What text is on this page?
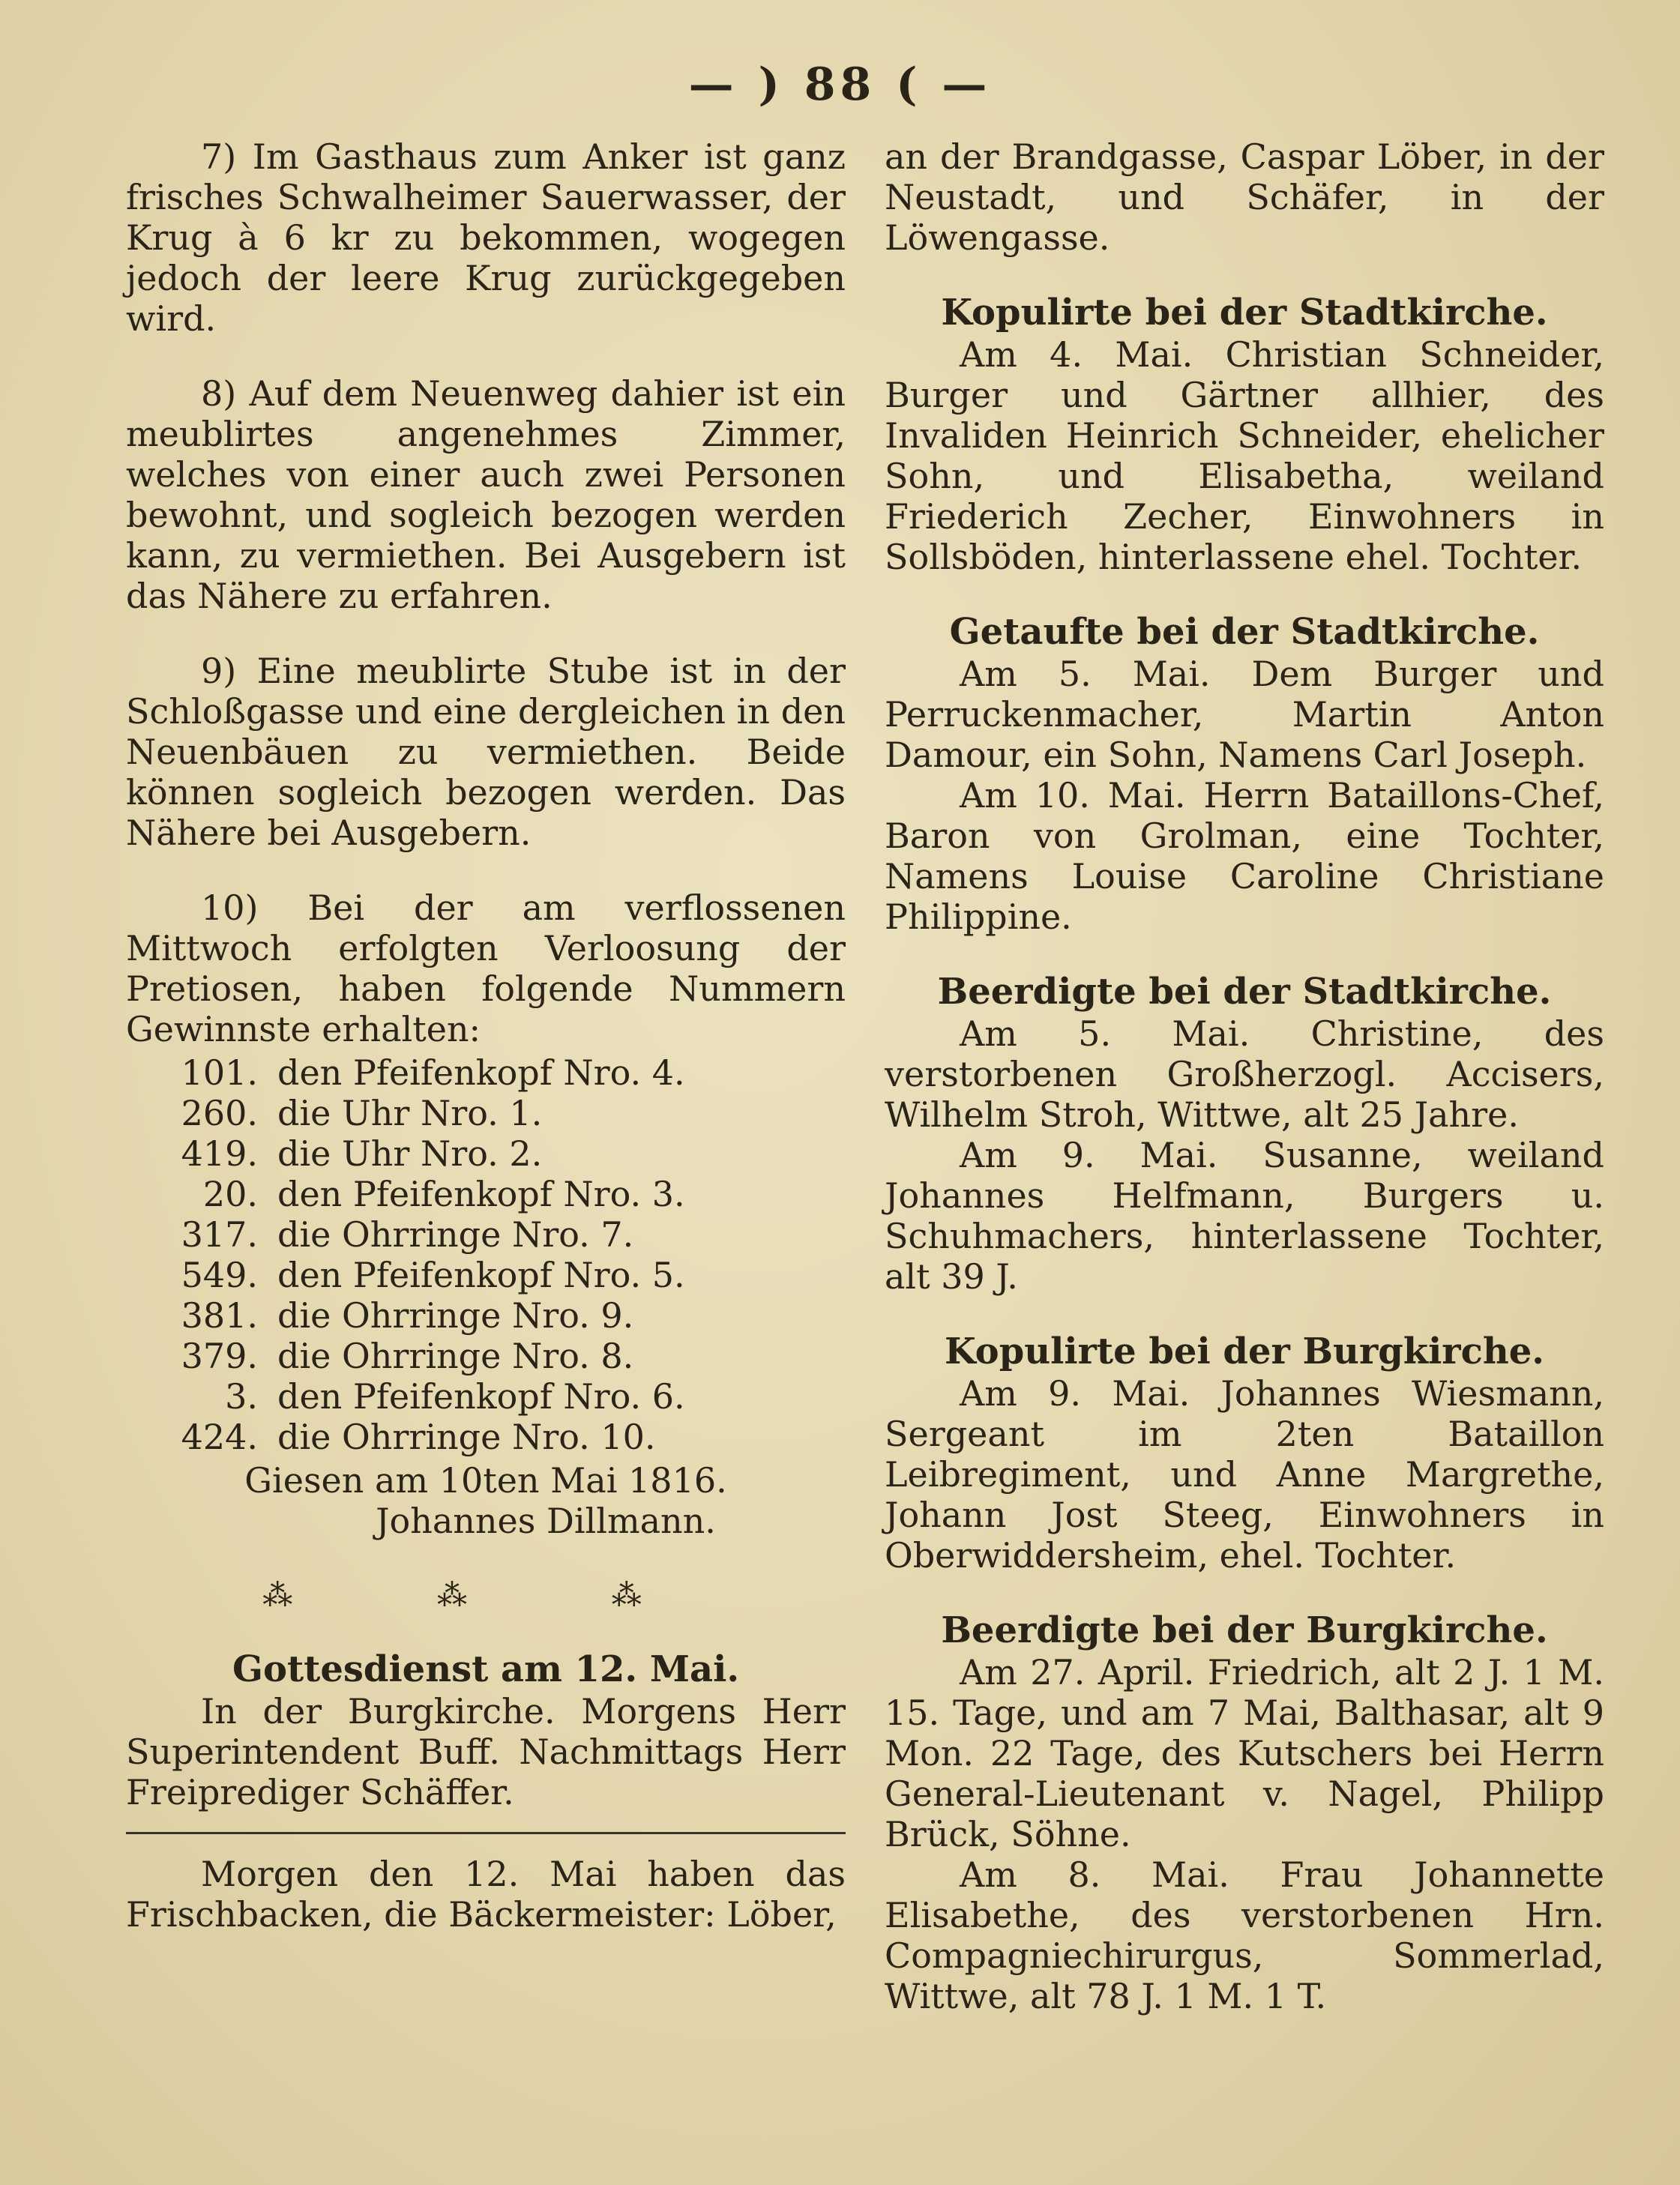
— ) 88 ( —
7) Im Gasthaus zum Anker ist ganz frisches Schwalheimer Sauerwasser, der Krug à 6 kr zu bekommen, wogegen jedoch der leere Krug zurückgegeben wird.
8) Auf dem Neuenweg dahier ist ein meublirtes angenehmes Zimmer, welches von einer auch zwei Personen bewohnt, und sogleich bezogen werden kann, zu vermiethen. Bei Ausgebern ist das Nähere zu erfahren.
9) Eine meublirte Stube ist in der Schloßgasse und eine dergleichen in den Neuenbäuen zu vermiethen. Beide können sogleich bezogen werden. Das Nähere bei Ausgebern.
10) Bei der am verflossenen Mittwoch erfolgten Verloosung der Pretiosen, haben folgende Nummern Gewinnste erhalten:
101. den Pfeifenkopf Nro. 4.
260. die Uhr Nro. 1.
419. die Uhr Nro. 2.
20. den Pfeifenkopf Nro. 3.
317. die Ohrringe Nro. 7.
549. den Pfeifenkopf Nro. 5.
381. die Ohrringe Nro. 9.
379. die Ohrringe Nro. 8.
3. den Pfeifenkopf Nro. 6.
424. die Ohrringe Nro. 10.
Giesen am 10ten Mai 1816.
Johannes Dillmann.
⁂ ⁂ ⁂
Gottesdienst am 12. Mai.
In der Burgkirche. Morgens Herr Superintendent Buff. Nachmittags Herr Freiprediger Schäffer.
Morgen den 12. Mai haben das Frischbacken, die Bäckermeister: Löber,
an der Brandgasse, Caspar Löber, in der Neustadt, und Schäfer, in der Löwengasse.
Kopulirte bei der Stadtkirche.
Am 4. Mai. Christian Schneider, Burger und Gärtner allhier, des Invaliden Heinrich Schneider, ehelicher Sohn, und Elisabetha, weiland Friederich Zecher, Einwohners in Sollsböden, hinterlassene ehel. Tochter.
Getaufte bei der Stadtkirche.
Am 5. Mai. Dem Burger und Perruckenmacher, Martin Anton Damour, ein Sohn, Namens Carl Joseph.
Am 10. Mai. Herrn Bataillons-Chef, Baron von Grolman, eine Tochter, Namens Louise Caroline Christiane Philippine.
Beerdigte bei der Stadtkirche.
Am 5. Mai. Christine, des verstorbenen Großherzogl. Accisers, Wilhelm Stroh, Wittwe, alt 25 Jahre.
Am 9. Mai. Susanne, weiland Johannes Helfmann, Burgers u. Schuhmachers, hinterlassene Tochter, alt 39 J.
Kopulirte bei der Burgkirche.
Am 9. Mai. Johannes Wiesmann, Sergeant im 2ten Bataillon Leibregiment, und Anne Margrethe, Johann Jost Steeg, Einwohners in Oberwiddersheim, ehel. Tochter.
Beerdigte bei der Burgkirche.
Am 27. April. Friedrich, alt 2 J. 1 M. 15. Tage, und am 7 Mai, Balthasar, alt 9 Mon. 22 Tage, des Kutschers bei Herrn General-Lieutenant v. Nagel, Philipp Brück, Söhne.
Am 8. Mai. Frau Johannette Elisabethe, des verstorbenen Hrn. Compagniechirurgus, Sommerlad, Wittwe, alt 78 J. 1 M. 1 T.
